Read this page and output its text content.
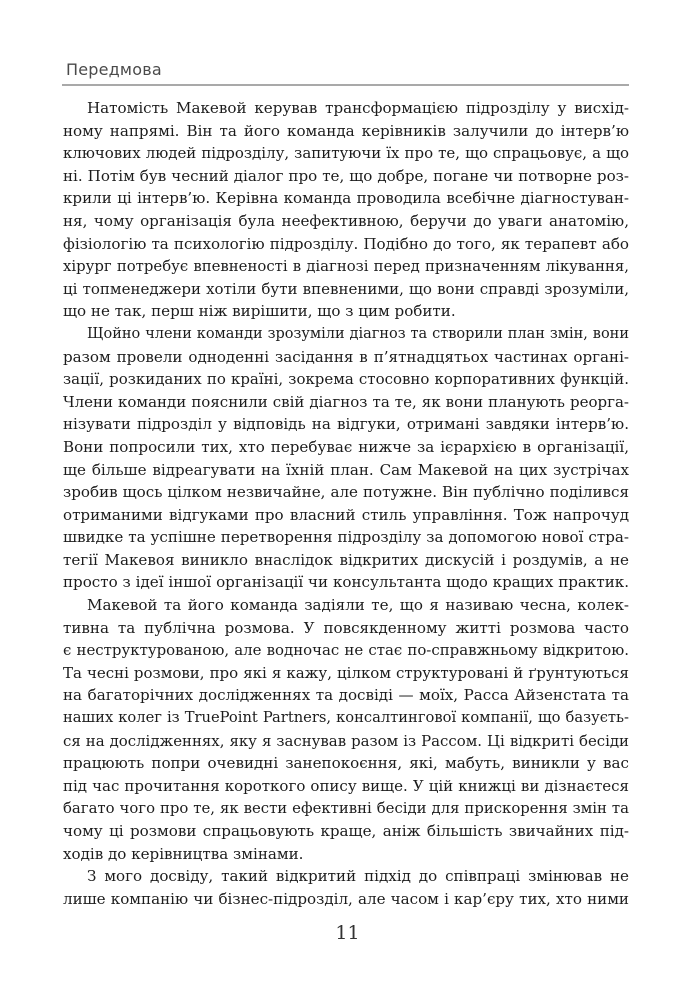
Передмова

Натомість Макевой керував трансформацією підрозділу у висхід-
ному напрямі. Він та його команда керівників залучили до інтерв’ю
ключових людей підрозділу, запитуючи їх про те, що спрацьовує, а що
ні. Потім був чесний діалог про те, що добре, погане чи потворне роз-
крили ці інтерв’ю. Керівна команда проводила всебічне діагностуван-
ня, чому організація була неефективною, беручи до уваги анатомію,
фізіологію та психологію підрозділу. Подібно до того, як терапевт або
хірург потребує впевненості в діагнозі перед призначенням лікування,
ці топменеджери хотіли бути впевненими, що вони справді зрозуміли,
що не так, перш ніж вирішити, що з цим робити.

Щойно члени команди зрозуміли діагноз та створили план змін, вони
разом провели одноденні засідання в п’ятнадцятьох частинах органі-
зації, розкиданих по країні, зокрема стосовно корпоративних функцій.
Члени команди пояснили свій діагноз та те, як вони планують реорга-
нізувати підрозділ у відповідь на відгуки, отримані завдяки інтерв’ю.
Вони попросили тих, хто перебуває нижче за ієрархією в організації,
ще більше відреагувати на їхній план. Сам Макевой на цих зустрічах
зробив щось цілком незвичайне, але потужне. Він публічно поділився
отриманими відгуками про власний стиль управління. Тож напрочуд
швидке та успішне перетворення підрозділу за допомогою нової стра-
тегії Макевоя виникло внаслідок відкритих дискусій і роздумів, а не
просто з ідеї іншої організації чи консультанта щодо кращих практик.

Макевой та його команда задіяли те, що я називаю чесна, колек-
тивна та публічна розмова. У повсякденному житті розмова часто
є неструктурованою, але водночас не стає по-справжньому відкритою.
Та чесні розмови, про які я кажу, цілком структуровані й ґрунтуються
на багаторічних дослідженнях та досвіді — моїх, Расса Айзенстата та
наших колег із TruePoint Partners, консалтингової компанії, що базуєть-
ся на дослідженнях, яку я заснував разом із Рассом. Ці відкриті бесіди
працюють попри очевидні занепокоєння, які, мабуть, виникли у вас
під час прочитання короткого опису вище. У цій книжці ви дізнаєтеся
багато чого про те, як вести ефективні бесіди для прискорення змін та
чому ці розмови спрацьовують краще, аніж більшість звичайних під-
ходів до керівництва змінами.

З мого досвіду, такий відкритий підхід до співпраці змінював не
лише компанію чи бізнес-підрозділ, але часом і кар’єру тих, хто ними

11
